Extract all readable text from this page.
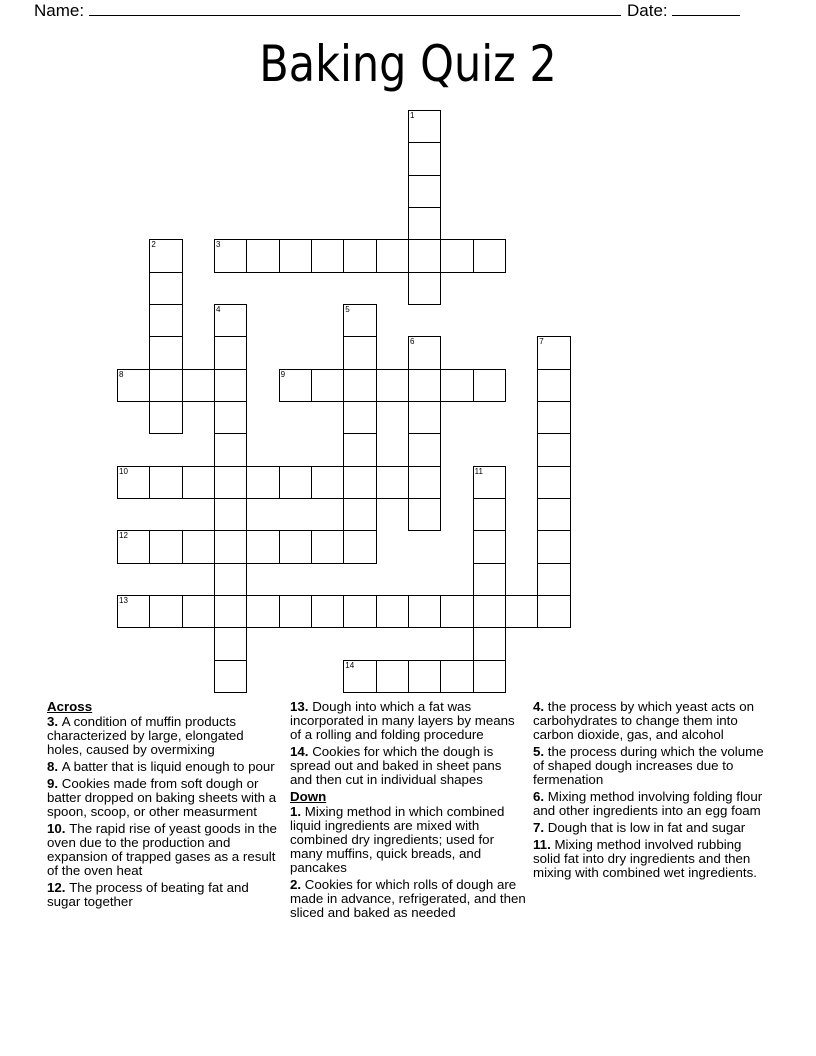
Name:	Date:
Baking Quiz 2
3
8	9
10
12
13
14
1
2
4	5
6	7
11
Across
3. A condition of muffin products characterized by large, elongated holes, caused by overmixing
8. A batter that is liquid enough to pour
9. Cookies made from soft dough or batter dropped on baking sheets with a spoon, scoop, or other measurment
10. The rapid rise of yeast goods in the oven due to the production and expansion of trapped gases as a result of the oven heat
12. The process of beating fat and sugar together
13. Dough into which a fat was incorporated in many layers by means of a rolling and folding procedure
14. Cookies for which the dough is spread out and baked in sheet pans and then cut in individual shapes
Down
1. Mixing method in which combined liquid ingredients are mixed with combined dry ingredients; used for many muffins, quick breads, and pancakes
2. Cookies for which rolls of dough are made in advance, refrigerated, and then sliced and baked as needed
4. the process by which yeast acts on carbohydrates to change them into carbon dioxide, gas, and alcohol
5. the process during which the volume of shaped dough increases due to fermenation
6. Mixing method involving folding flour and other ingredients into an egg foam
7. Dough that is low in fat and sugar
11. Mixing method involved rubbing solid fat into dry ingredients and then mixing with combined wet ingredients.
